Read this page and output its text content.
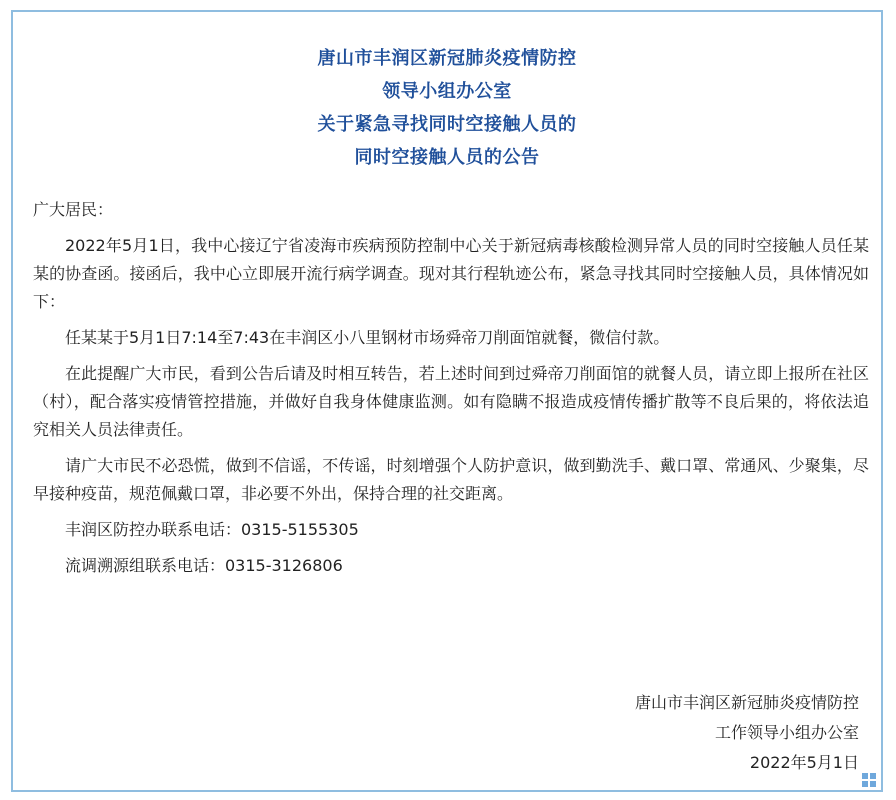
唐山市丰润区新冠肺炎疫情防控
领导小组办公室
关于紧急寻找同时空接触人员的
同时空接触人员的公告

广大居民：

2022年5月1日，我中心接辽宁省凌海市疾病预防控制中心关于新冠病毒核酸检测异常人员的同时空接触人员任某某的协查函。接函后，我中心立即展开流行病学调查。现对其行程轨迹公布，紧急寻找其同时空接触人员，具体情况如下：

任某某于5月1日7:14至7:43在丰润区小八里钢材市场舜帝刀削面馆就餐，微信付款。

在此提醒广大市民，看到公告后请及时相互转告，若上述时间到过舜帝刀削面馆的就餐人员，请立即上报所在社区（村），配合落实疫情管控措施，并做好自我身体健康监测。如有隐瞒不报造成疫情传播扩散等不良后果的，将依法追究相关人员法律责任。

请广大市民不必恐慌，做到不信谣，不传谣，时刻增强个人防护意识，做到勤洗手、戴口罩、常通风、少聚集，尽早接种疫苗，规范佩戴口罩，非必要不外出，保持合理的社交距离。

丰润区防控办联系电话：0315-5155305

流调溯源组联系电话：0315-3126806

唐山市丰润区新冠肺炎疫情防控
工作领导小组办公室
2022年5月1日
